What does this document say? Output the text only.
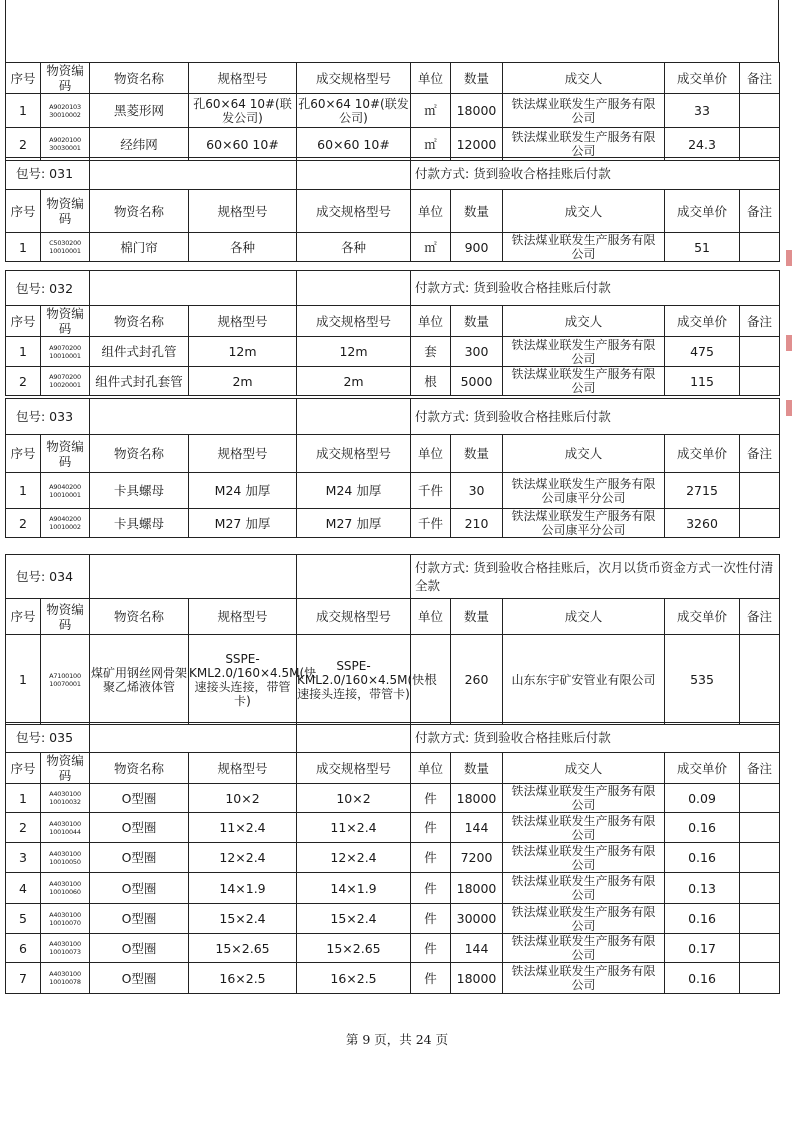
序号	物资编码	物资名称	规格型号	成交规格型号	单位	数量	成交人	成交单价	备注
1	A9020103 30010002	黑菱形网	孔60×64 10#(联发公司)	孔60×64 10#(联发公司)	㎡	18000	铁法煤业联发生产服务有限公司	33	
2	A9020100 30030001	经纬网	60×60 10#	60×60 10#	㎡	12000	铁法煤业联发生产服务有限公司	24.3	
包号: 031					付款方式: 货到验收合格挂账后付款				
序号	物资编码	物资名称	规格型号	成交规格型号	单位	数量	成交人	成交单价	备注
1	C5030200 10010001	棉门帘	各种	各种	㎡	900	铁法煤业联发生产服务有限公司	51	
包号: 032					付款方式: 货到验收合格挂账后付款				
序号	物资编码	物资名称	规格型号	成交规格型号	单位	数量	成交人	成交单价	备注
1	A9070200 10010001	组件式封孔管	12m	12m	套	300	铁法煤业联发生产服务有限公司	475	
2	A9070200 10020001	组件式封孔套管	2m	2m	根	5000	铁法煤业联发生产服务有限公司	115	
包号: 033					付款方式: 货到验收合格挂账后付款				
序号	物资编码	物资名称	规格型号	成交规格型号	单位	数量	成交人	成交单价	备注
1	A9040200 10010001	卡具螺母	M24 加厚	M24 加厚	千件	30	铁法煤业联发生产服务有限公司康平分公司	2715	
2	A9040200 10010002	卡具螺母	M27 加厚	M27 加厚	千件	210	铁法煤业联发生产服务有限公司康平分公司	3260	
包号: 034					付款方式: 货到验收合格挂账后，次月以货币资金方式一次性付清全款				
序号	物资编码	物资名称	规格型号	成交规格型号	单位	数量	成交人	成交单价	备注
1	A7100100 10070001	煤矿用钢丝网骨架聚乙烯液体管	SSPE-KML2.0/160×4.5M(快速接头连接，带管卡)	SSPE-KML2.0/160×4.5M(快速接头连接，带管卡)	根	260	山东东宇矿安管业有限公司	535	
包号: 035					付款方式: 货到验收合格挂账后付款				
序号	物资编码	物资名称	规格型号	成交规格型号	单位	数量	成交人	成交单价	备注
1	A4030100 10010032	O型圈	10×2	10×2	件	18000	铁法煤业联发生产服务有限公司	0.09	
2	A4030100 10010044	O型圈	11×2.4	11×2.4	件	144	铁法煤业联发生产服务有限公司	0.16	
3	A4030100 10010050	O型圈	12×2.4	12×2.4	件	7200	铁法煤业联发生产服务有限公司	0.16	
4	A4030100 10010060	O型圈	14×1.9	14×1.9	件	18000	铁法煤业联发生产服务有限公司	0.13	
5	A4030100 10010070	O型圈	15×2.4	15×2.4	件	30000	铁法煤业联发生产服务有限公司	0.16	
6	A4030100 10010073	O型圈	15×2.65	15×2.65	件	144	铁法煤业联发生产服务有限公司	0.17	
7	A4030100 10010078	O型圈	16×2.5	16×2.5	件	18000	铁法煤业联发生产服务有限公司	0.16	
第 9 页，共 24 页
